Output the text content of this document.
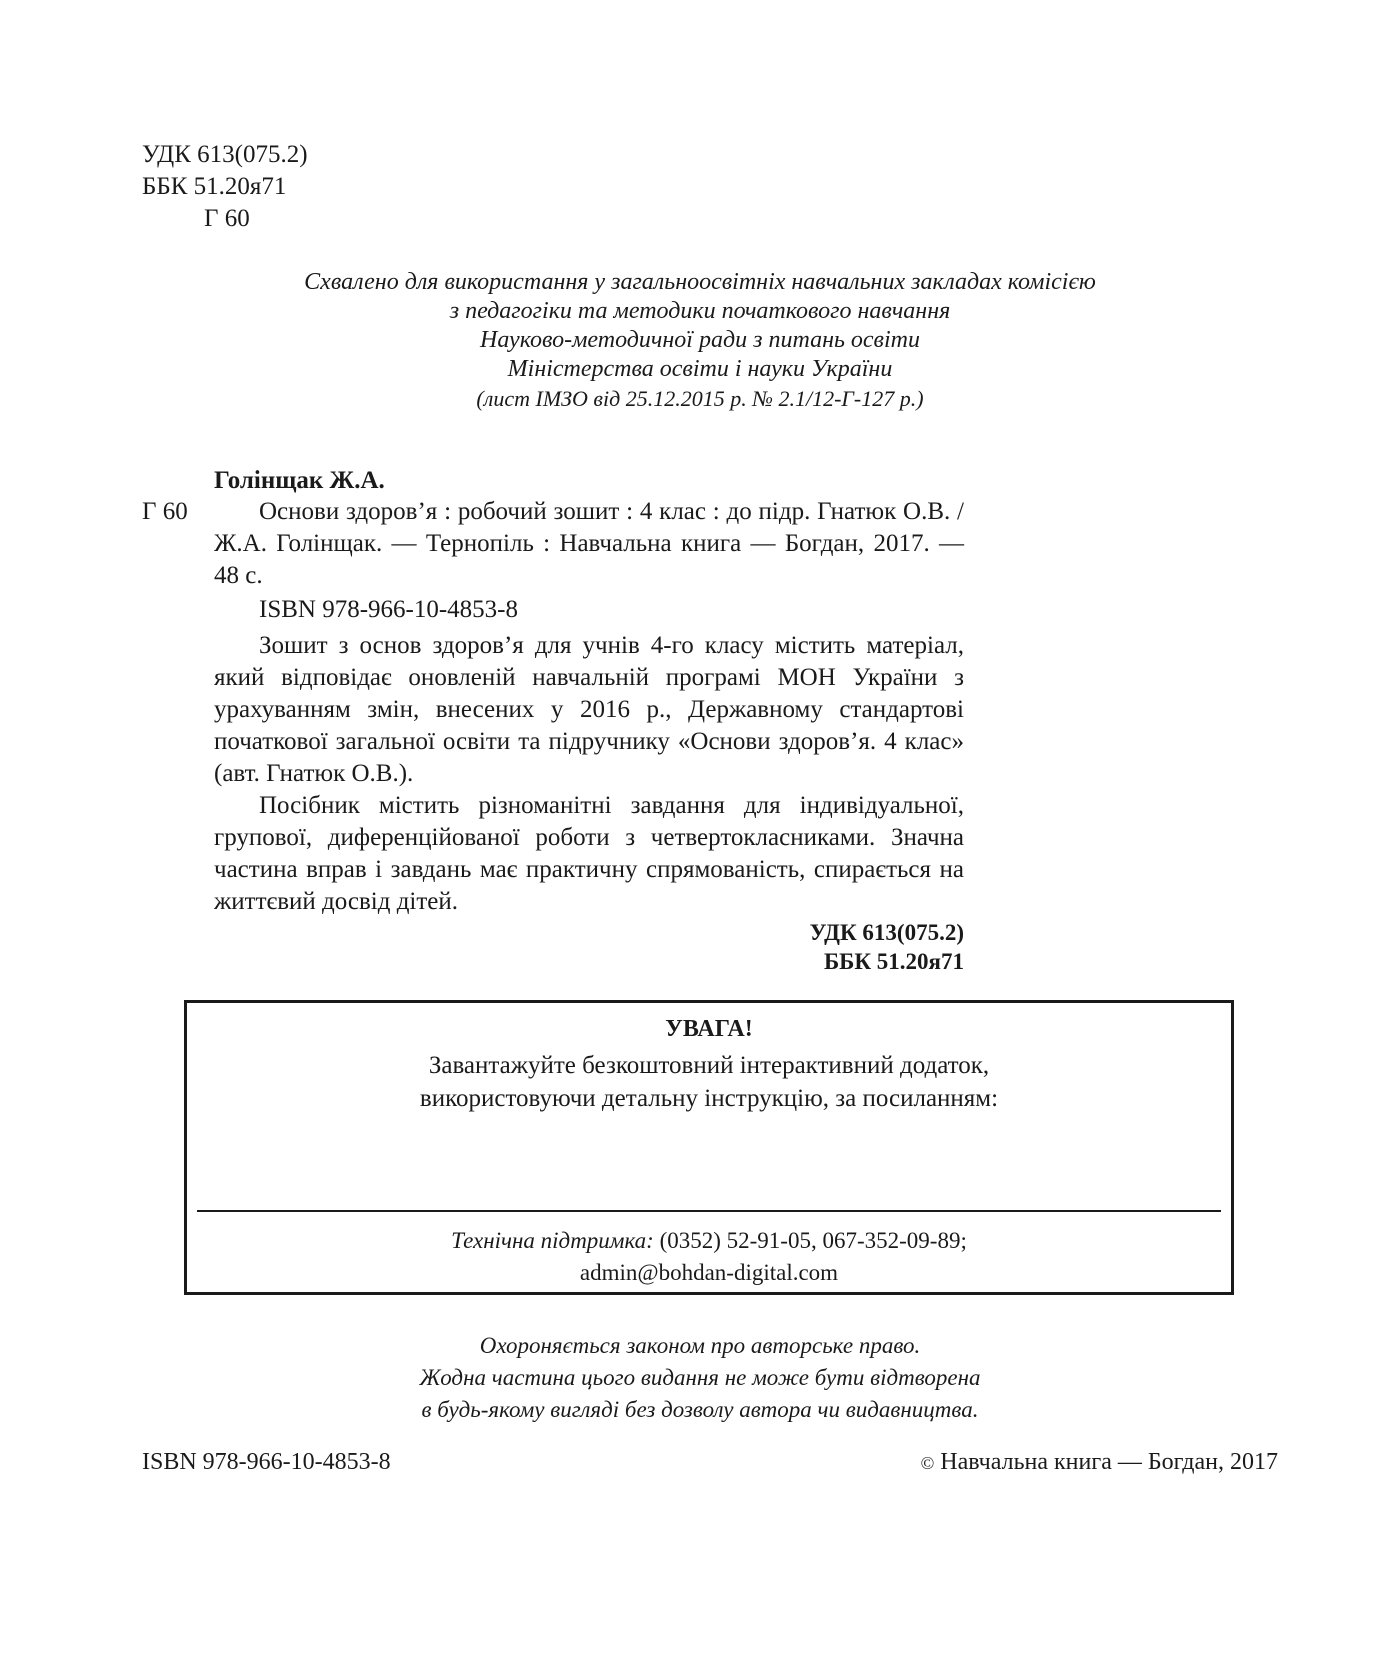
УДК 613(075.2)
ББК 51.20я71
Г 60
Схвалено для використання у загальноосвітніх навчальних закладах комісією
з педагогіки та методики початкового навчання
Науково-методичної ради з питань освіти
Міністерства освіти і науки України
(лист ІМЗО від 25.12.2015 р. № 2.1/12-Г-127 р.)
Голінщак Ж.А.
Г 60	Основи здоров’я : робочий зошит : 4 клас : до підр. Гнатюк О.В. / Ж.А. Голінщак. — Тернопіль : Навчальна книга — Богдан, 2017. — 48 с.

ISBN 978-966-10-4853-8

Зошит з основ здоров’я для учнів 4-го класу містить матеріал, який відповідає оновленій навчальній програмі МОН України з урахуванням змін, внесених у 2016 р., Державному стандартові початкової загальної освіти та підручнику «Основи здоров’я. 4 клас» (авт. Гнатюк О.В.).

Посібник містить різноманітні завдання для індивідуальної, групової, диференційованої роботи з четвертокласниками. Значна частина вправ і завдань має практичну спрямованість, спирається на життєвий досвід дітей.

УДК 613(075.2)
ББК 51.20я71
УВАГА!
Завантажуйте безкоштовний інтерактивний додаток,
використовуючи детальну інструкцію, за посиланням:
Технічна підтримка: (0352) 52-91-05, 067-352-09-89;
admin@bohdan-digital.com
Охороняється законом про авторське право.
Жодна частина цього видання не може бути відтворена
в будь-якому вигляді без дозволу автора чи видавництва.
ISBN 978-966-10-4853-8	© Навчальна книга — Богдан, 2017
